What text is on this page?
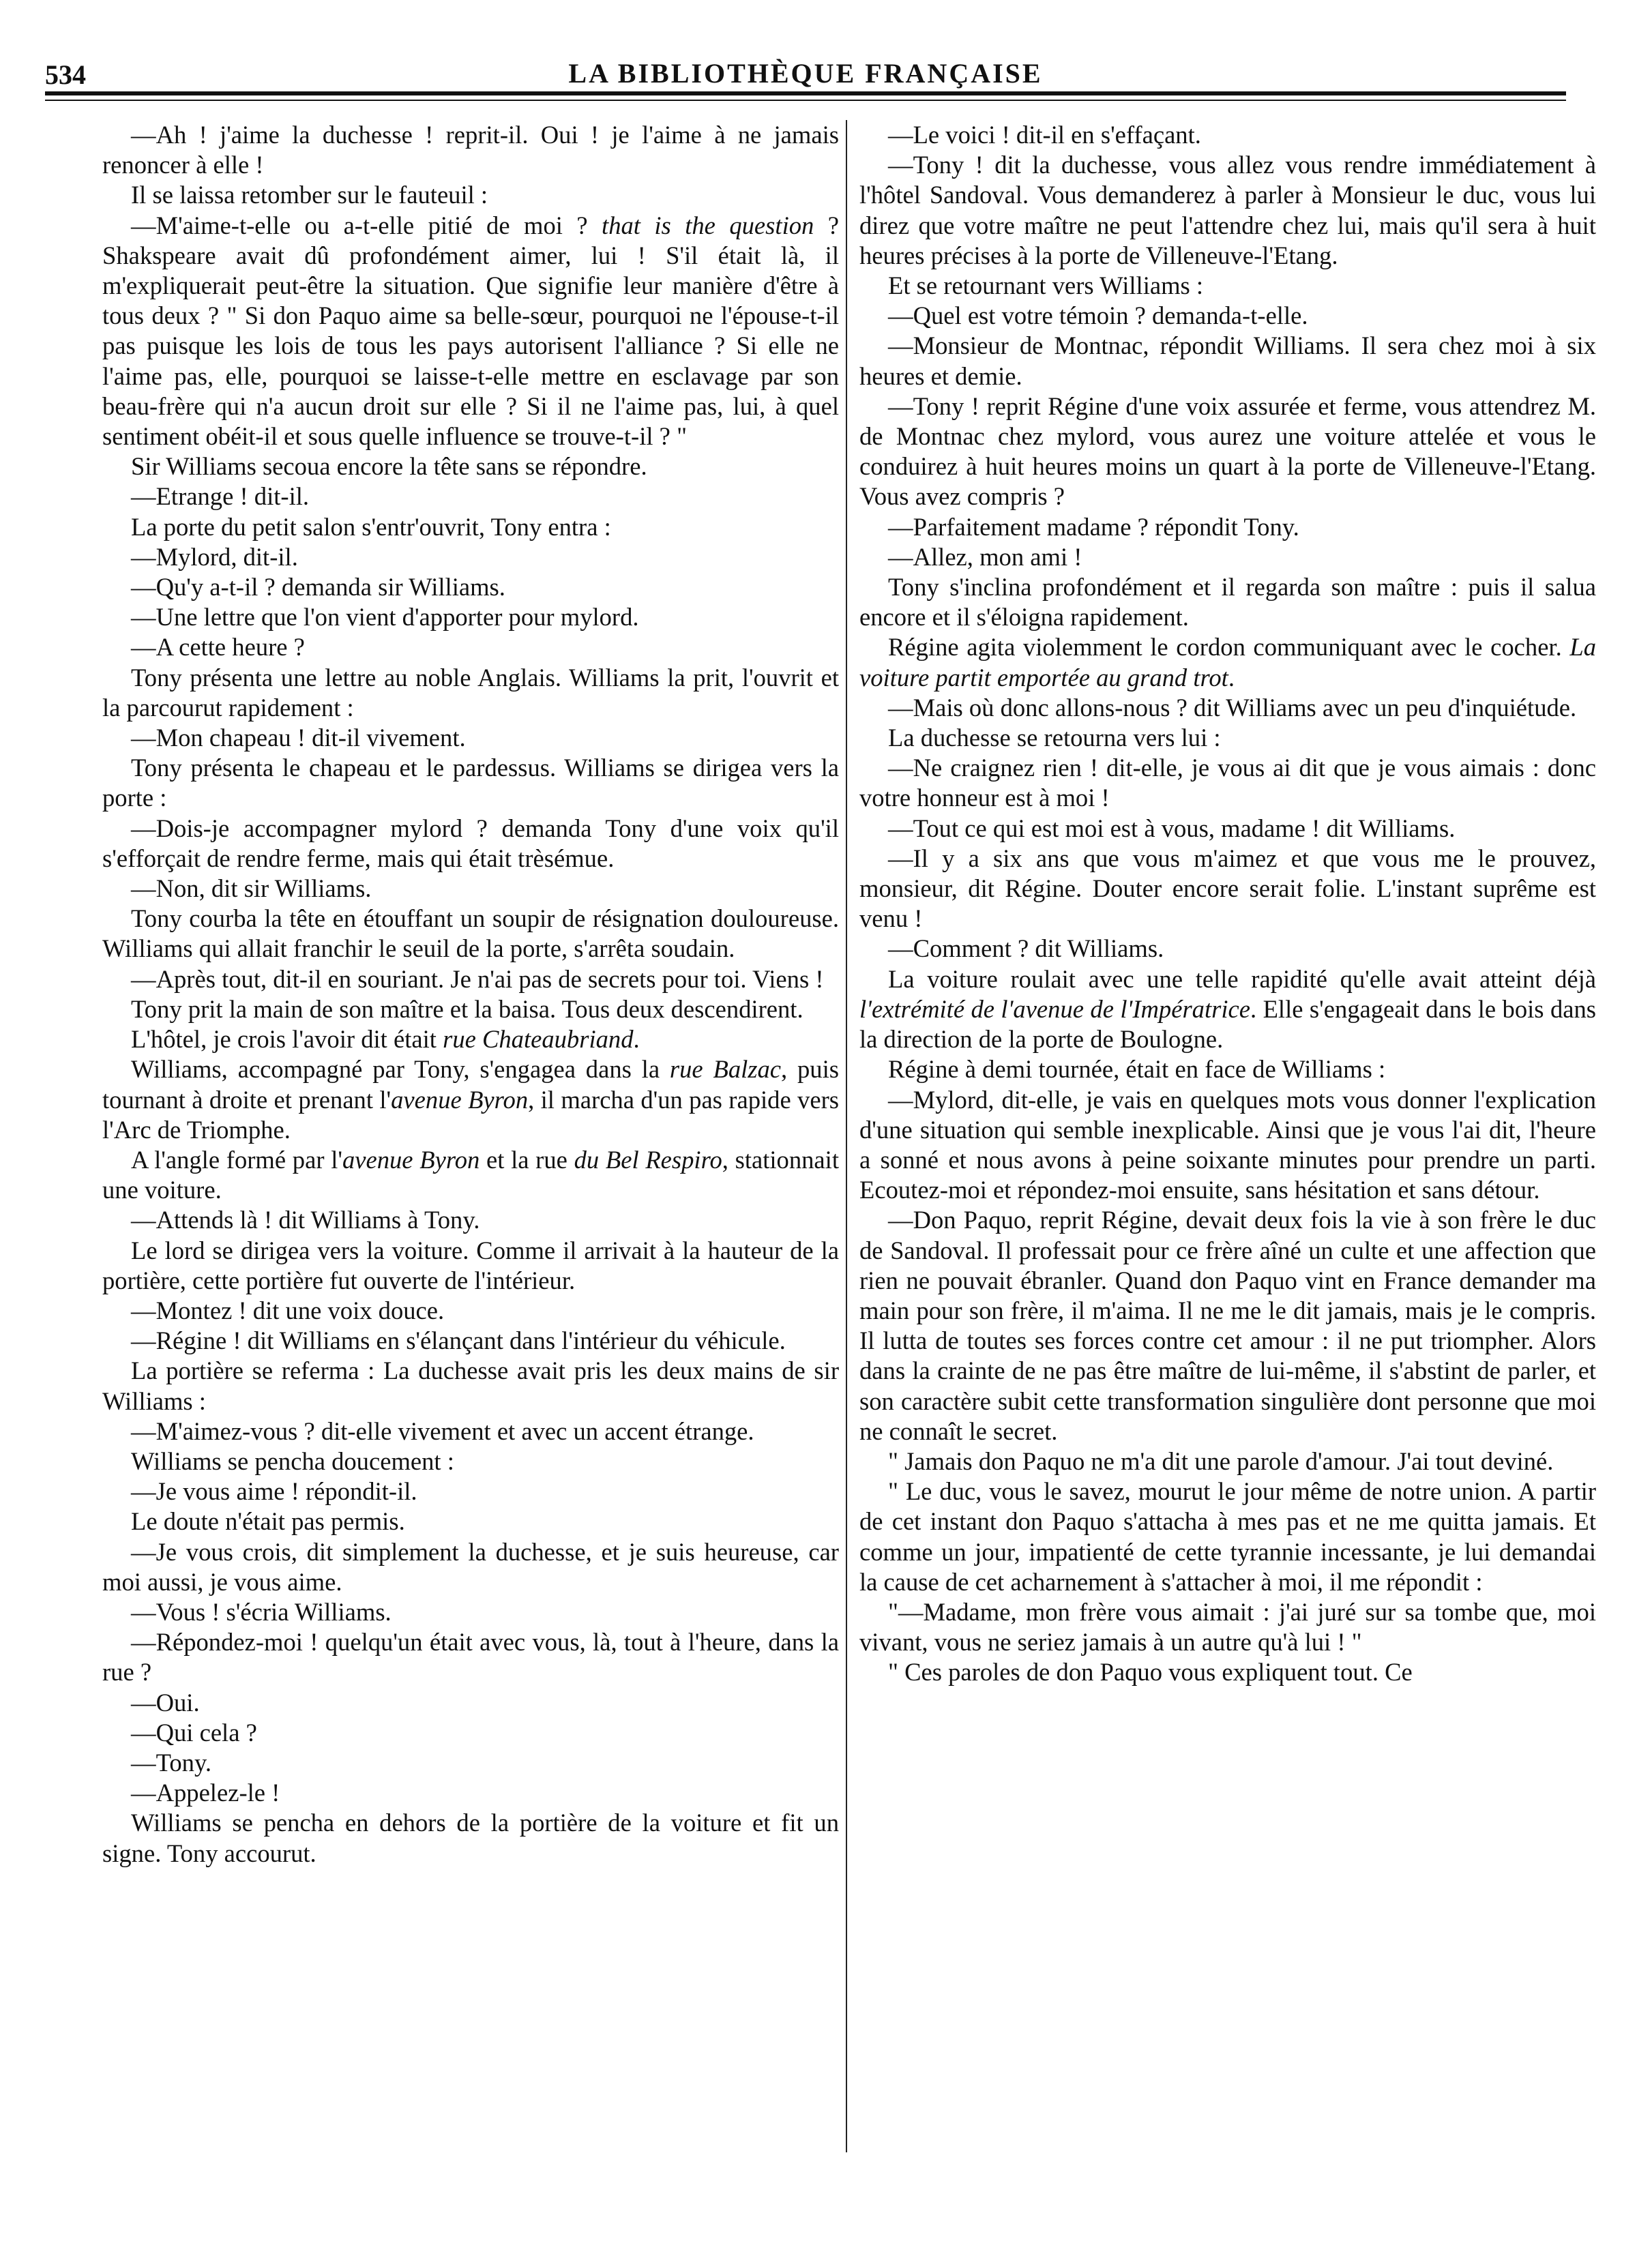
534	LA BIBLIOTHÈQUE FRANÇAISE

—Ah ! j'aime la duchesse ! reprit-il. Oui ! je l'aime à ne jamais renoncer à elle !

Il se laissa retomber sur le fauteuil :

—M'aime-t-elle ou a-t-elle pitié de moi ? that is the question ? Shakspeare avait dû profondément aimer, lui ! S'il était là, il m'expliquerait peut-être la situation. Que signifie leur manière d'être à tous deux ? " Si don Paquo aime sa belle-sœur, pourquoi ne l'épouse-t-il pas puisque les lois de tous les pays autorisent l'alliance ? Si elle ne l'aime pas, elle, pourquoi se laisse-t-elle mettre en esclavage par son beau-frère qui n'a aucun droit sur elle ? Si il ne l'aime pas, lui, à quel sentiment obéit-il et sous quelle influence se trouve-t-il ? "

Sir Williams secoua encore la tête sans se répondre.

—Etrange ! dit-il.

La porte du petit salon s'entr'ouvrit, Tony entra :

—Mylord, dit-il.

—Qu'y a-t-il ? demanda sir Williams.

—Une lettre que l'on vient d'apporter pour mylord.

—A cette heure ?

Tony présenta une lettre au noble Anglais. Williams la prit, l'ouvrit et la parcourut rapidement :

—Mon chapeau ! dit-il vivement.

Tony présenta le chapeau et le pardessus. Williams se dirigea vers la porte :

—Dois-je accompagner mylord ? demanda Tony d'une voix qu'il s'efforçait de rendre ferme, mais qui était trèsémue.

—Non, dit sir Williams.

Tony courba la tête en étouffant un soupir de résignation douloureuse. Williams qui allait franchir le seuil de la porte, s'arrêta soudain.

—Après tout, dit-il en souriant. Je n'ai pas de secrets pour toi. Viens !

Tony prit la main de son maître et la baisa. Tous deux descendirent.

L'hôtel, je crois l'avoir dit était rue Chateaubriand.

Williams, accompagné par Tony, s'engagea dans la rue Balzac, puis tournant à droite et prenant l'avenue Byron, il marcha d'un pas rapide vers l'Arc de Triomphe.

A l'angle formé par l'avenue Byron et la rue du Bel Respiro, stationnait une voiture.

—Attends là ! dit Williams à Tony.

Le lord se dirigea vers la voiture. Comme il arrivait à la hauteur de la portière, cette portière fut ouverte de l'intérieur.

—Montez ! dit une voix douce.

—Régine ! dit Williams en s'élançant dans l'intérieur du véhicule.

La portière se referma : La duchesse avait pris les deux mains de sir Williams :

—M'aimez-vous ? dit-elle vivement et avec un accent étrange.

Williams se pencha doucement :

—Je vous aime ! répondit-il.

Le doute n'était pas permis.

—Je vous crois, dit simplement la duchesse, et je suis heureuse, car moi aussi, je vous aime.

—Vous ! s'écria Williams.

—Répondez-moi ! quelqu'un était avec vous, là, tout à l'heure, dans la rue ?

—Oui.

—Qui cela ?

—Tony.

—Appelez-le !

Williams se pencha en dehors de la portière de la voiture et fit un signe. Tony accourut.

—Le voici ! dit-il en s'effaçant.

—Tony ! dit la duchesse, vous allez vous rendre immédiatement à l'hôtel Sandoval. Vous demanderez à parler à Monsieur le duc, vous lui direz que votre maître ne peut l'attendre chez lui, mais qu'il sera à huit heures précises à la porte de Villeneuve-l'Etang.

Et se retournant vers Williams :

—Quel est votre témoin ? demanda-t-elle.

—Monsieur de Montnac, répondit Williams. Il sera chez moi à six heures et demie.

—Tony ! reprit Régine d'une voix assurée et ferme, vous attendrez M. de Montnac chez mylord, vous aurez une voiture attelée et vous le conduirez à huit heures moins un quart à la porte de Villeneuve-l'Etang. Vous avez compris ?

—Parfaitement madame ? répondit Tony.

—Allez, mon ami !

Tony s'inclina profondément et il regarda son maître : puis il salua encore et il s'éloigna rapidement.

Régine agita violemment le cordon communiquant avec le cocher. La voiture partit emportée au grand trot.

—Mais où donc allons-nous ? dit Williams avec un peu d'inquiétude.

La duchesse se retourna vers lui :

—Ne craignez rien ! dit-elle, je vous ai dit que je vous aimais : donc votre honneur est à moi !

—Tout ce qui est moi est à vous, madame ! dit Williams.

—Il y a six ans que vous m'aimez et que vous me le prouvez, monsieur, dit Régine. Douter encore serait folie. L'instant suprême est venu !

—Comment ? dit Williams.

La voiture roulait avec une telle rapidité qu'elle avait atteint déjà l'extrémité de l'avenue de l'Impératrice. Elle s'engageait dans le bois dans la direction de la porte de Boulogne.

Régine à demi tournée, était en face de Williams :

—Mylord, dit-elle, je vais en quelques mots vous donner l'explication d'une situation qui semble inexplicable. Ainsi que je vous l'ai dit, l'heure a sonné et nous avons à peine soixante minutes pour prendre un parti. Ecoutez-moi et répondez-moi ensuite, sans hésitation et sans détour.

—Don Paquo, reprit Régine, devait deux fois la vie à son frère le duc de Sandoval. Il professait pour ce frère aîné un culte et une affection que rien ne pouvait ébranler. Quand don Paquo vint en France demander ma main pour son frère, il m'aima. Il ne me le dit jamais, mais je le compris. Il lutta de toutes ses forces contre cet amour : il ne put triompher. Alors dans la crainte de ne pas être maître de lui-même, il s'abstint de parler, et son caractère subit cette transformation singulière dont personne que moi ne connaît le secret.

" Jamais don Paquo ne m'a dit une parole d'amour. J'ai tout deviné.

" Le duc, vous le savez, mourut le jour même de notre union. A partir de cet instant don Paquo s'attacha à mes pas et ne me quitta jamais. Et comme un jour, impatienté de cette tyrannie incessante, je lui demandai la cause de cet acharnement à s'attacher à moi, il me répondit :

"—Madame, mon frère vous aimait : j'ai juré sur sa tombe que, moi vivant, vous ne seriez jamais à un autre qu'à lui ! "

" Ces paroles de don Paquo vous expliquent tout. Ce
